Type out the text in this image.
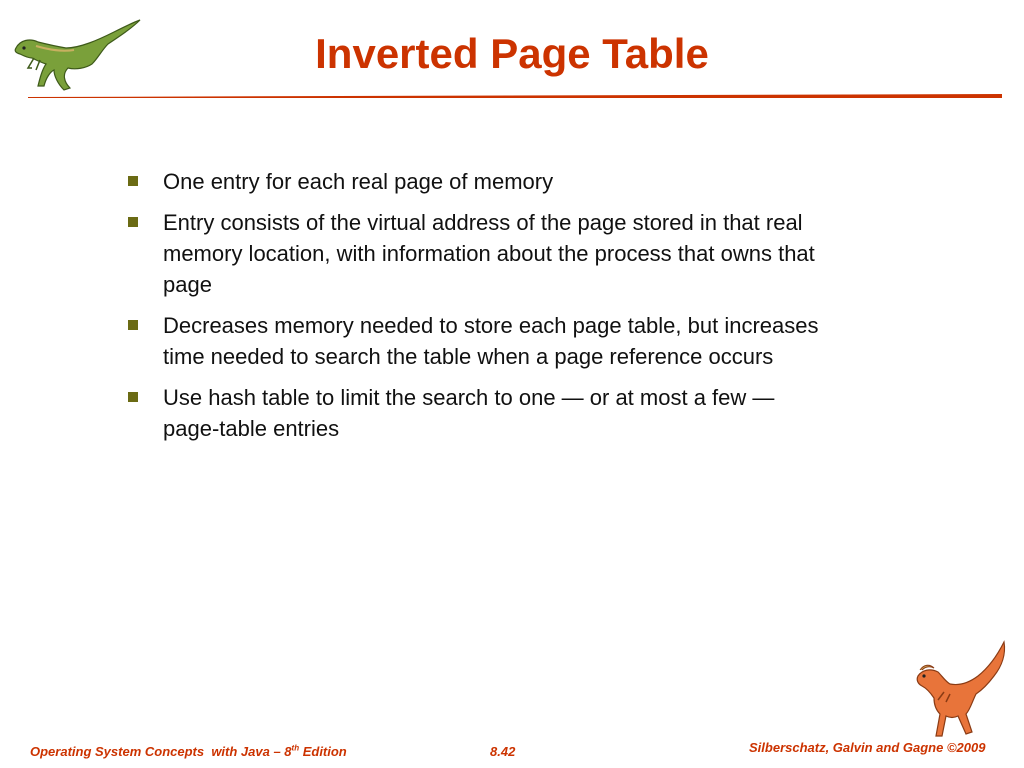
Inverted Page Table
One entry for each real page of memory
Entry consists of the virtual address of the page stored in that real memory location, with information about the process that owns that page
Decreases memory needed to store each page table, but increases time needed to search the table when a page reference occurs
Use hash table to limit the search to one — or at most a few — page-table entries
Operating System Concepts  with Java – 8th Edition	8.42	Silberschatz, Galvin and Gagne ©2009
